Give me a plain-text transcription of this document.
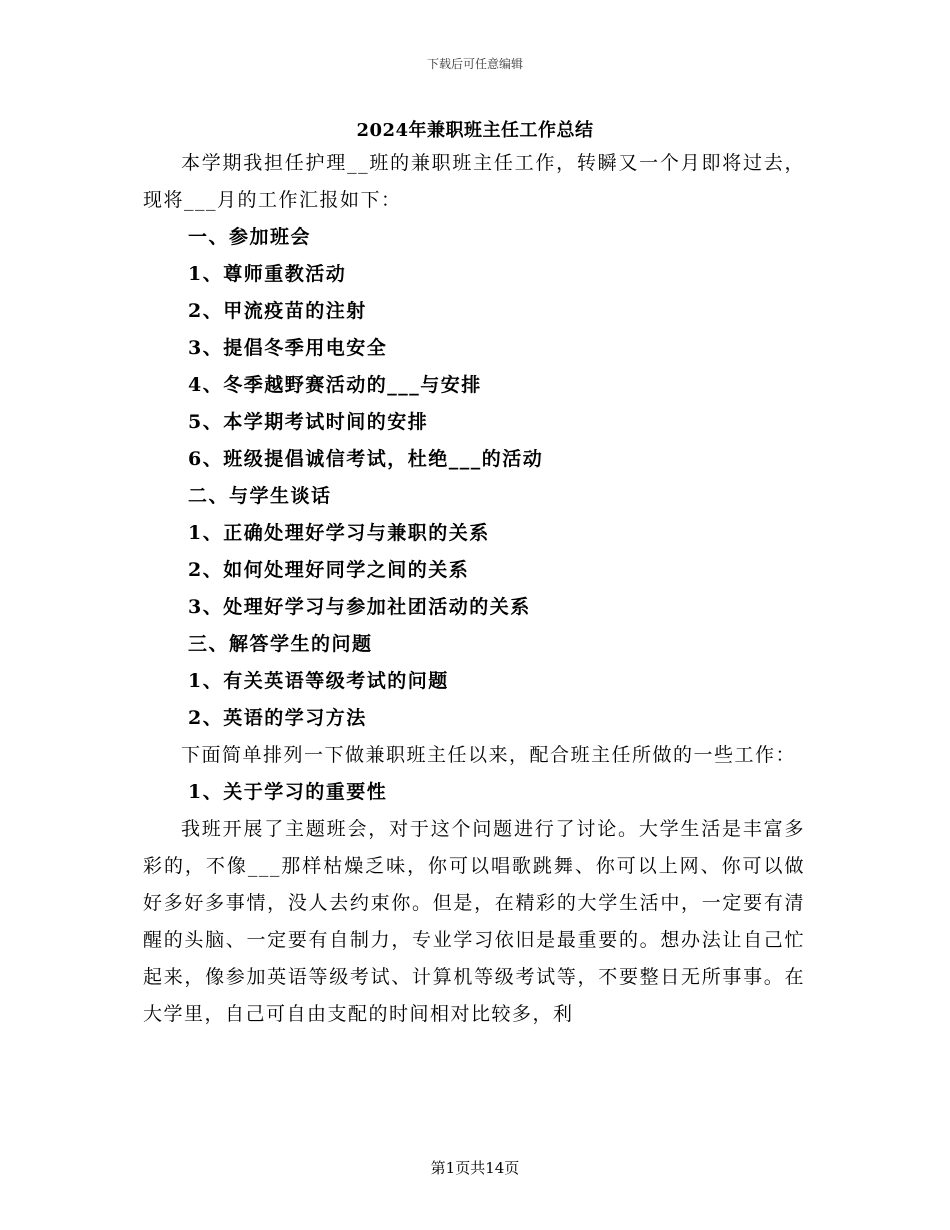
下载后可任意编辑
2024年兼职班主任工作总结

本学期我担任护理__班的兼职班主任工作，转瞬又一个月即将过去，现将___月的工作汇报如下：

一、参加班会

1、尊师重教活动

2、甲流疫苗的注射

3、提倡冬季用电安全

4、冬季越野赛活动的___与安排

5、本学期考试时间的安排

6、班级提倡诚信考试，杜绝___的活动

二、与学生谈话

1、正确处理好学习与兼职的关系

2、如何处理好同学之间的关系

3、处理好学习与参加社团活动的关系

三、解答学生的问题

1、有关英语等级考试的问题

2、英语的学习方法

下面简单排列一下做兼职班主任以来，配合班主任所做的一些工作：

1、关于学习的重要性

我班开展了主题班会，对于这个问题进行了讨论。大学生活是丰富多彩的，不像___那样枯燥乏味，你可以唱歌跳舞、你可以上网、你可以做好多好多事情，没人去约束你。但是，在精彩的大学生活中，一定要有清醒的头脑、一定要有自制力，专业学习依旧是最重要的。想办法让自己忙起来，像参加英语等级考试、计算机等级考试等，不要整日无所事事。在大学里，自己可自由支配的时间相对比较多，利

第1页共14页
